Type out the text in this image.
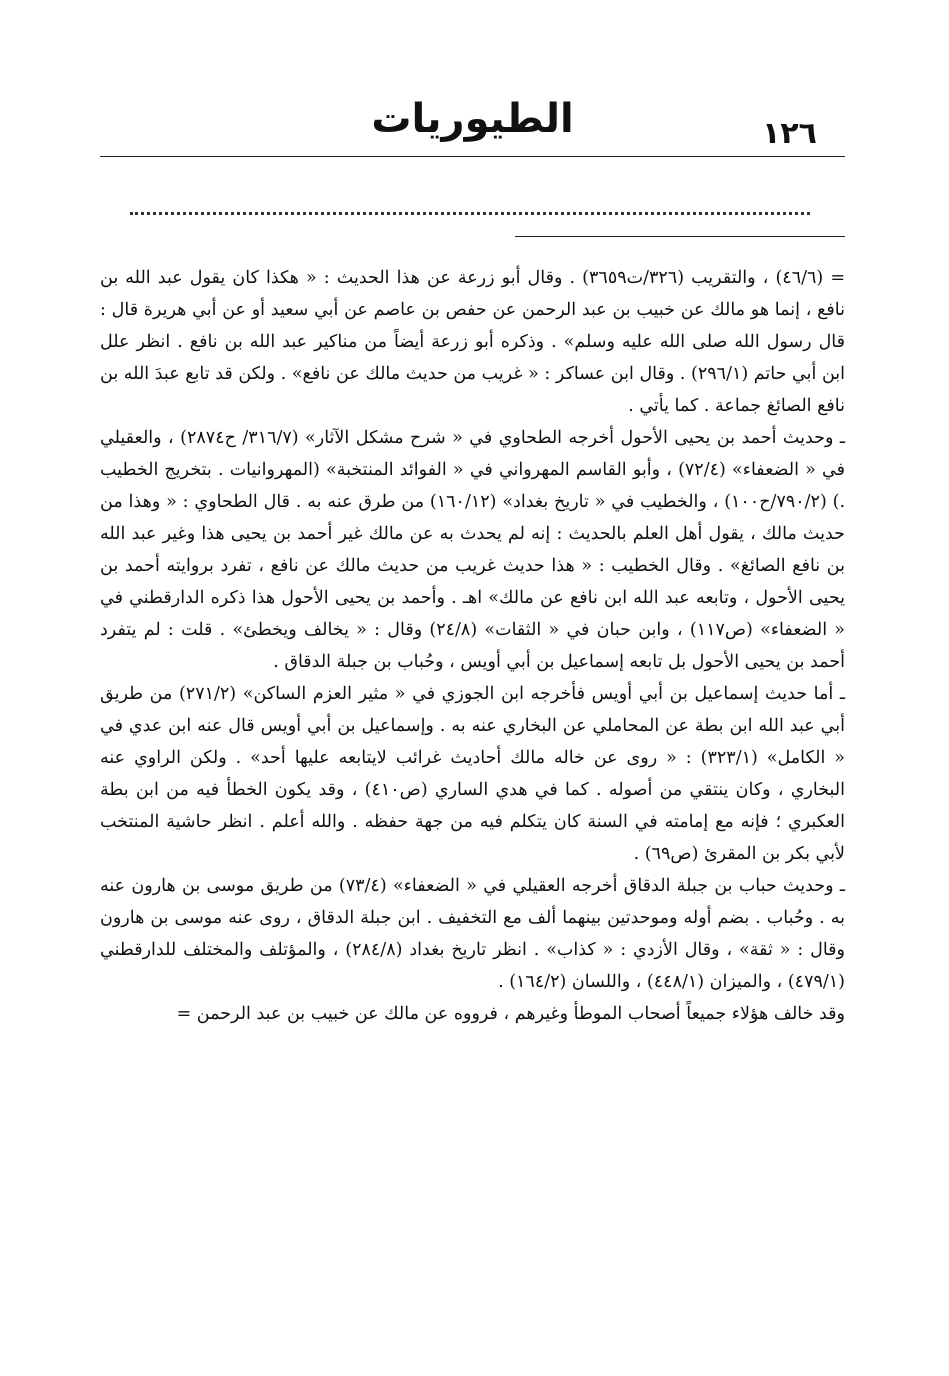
الطيوريات	١٢٦

= (٤٦/٦) ، والتقريب (٣٢٦/ت٣٦٥٩) . وقال أبو زرعة عن هذا الحديث : « هكذا كان يقول عبد الله بن نافع ، إنما هو مالك عن خبيب بن عبد الرحمن عن حفص بن عاصم عن أبي سعيد أو عن أبي هريرة قال : قال رسول الله صلى الله عليه وسلم» . وذكره أبو زرعة أيضاً من مناكير عبد الله بن نافع . انظر علل ابن أبي حاتم (٢٩٦/١) . وقال ابن عساكر : « غريب من حديث مالك عن نافع» . ولكن قد تابع عبدَ الله بن نافع الصائغ جماعة . كما يأتي .

ـ وحديث أحمد بن يحيى الأحول أخرجه الطحاوي في « شرح مشكل الآثار» (٣١٦/٧/ ح٢٨٧٤) ، والعقيلي في « الضعفاء» (٧٢/٤) ، وأبو القاسم المهرواني في « الفوائد المنتخبة» (المهروانيات . بتخريج الخطيب .) (٧٩٠/٢/ح١٠٠) ، والخطيب في « تاريخ بغداد» (١٦٠/١٢) من طرق عنه به . قال الطحاوي : « وهذا من حديث مالك ، يقول أهل العلم بالحديث : إنه لم يحدث به عن مالك غير أحمد بن يحيى هذا وغير عبد الله بن نافع الصائغ» . وقال الخطيب : « هذا حديث غريب من حديث مالك عن نافع ، تفرد بروايته أحمد بن يحيى الأحول ، وتابعه عبد الله ابن نافع عن مالك» اهـ . وأحمد بن يحيى الأحول هذا ذكره الدارقطني في « الضعفاء» (ص١١٧) ، وابن حبان في « الثقات» (٢٤/٨) وقال : « يخالف ويخطئ» . قلت : لم يتفرد أحمد بن يحيى الأحول بل تابعه إسماعيل بن أبي أويس ، وحُباب بن جبلة الدقاق .

ـ أما حديث إسماعيل بن أبي أويس فأخرجه ابن الجوزي في « مثير العزم الساكن» (٢٧١/٢) من طريق أبي عبد الله ابن بطة عن المحاملي عن البخاري عنه به . وإسماعيل بن أبي أويس قال عنه ابن عدي في « الكامل» (٣٢٣/١) : « روى عن خاله مالك أحاديث غرائب لايتابعه عليها أحد» . ولكن الراوي عنه البخاري ، وكان ينتقي من أصوله . كما في هدي الساري (ص٤١٠) ، وقد يكون الخطأ فيه من ابن بطة العكبري ؛ فإنه مع إمامته في السنة كان يتكلم فيه من جهة حفظه . والله أعلم . انظر حاشية المنتخب لأبي بكر بن المقرئ (ص٦٩) .

ـ وحديث حباب بن جبلة الدقاق أخرجه العقيلي في « الضعفاء» (٧٣/٤) من طريق موسى بن هارون عنه به . وحُباب . بضم أوله وموحدتين بينهما ألف مع التخفيف . ابن جبلة الدقاق ، روى عنه موسى بن هارون وقال : « ثقة» ، وقال الأزدي : « كذاب» . انظر تاريخ بغداد (٢٨٤/٨) ، والمؤتلف والمختلف للدارقطني (٤٧٩/١) ، والميزان (٤٤٨/١) ، واللسان (١٦٤/٢) .

وقد خالف هؤلاء جميعاً أصحاب الموطأ وغيرهم ، فرووه عن مالك عن خبيب بن عبد الرحمن =
